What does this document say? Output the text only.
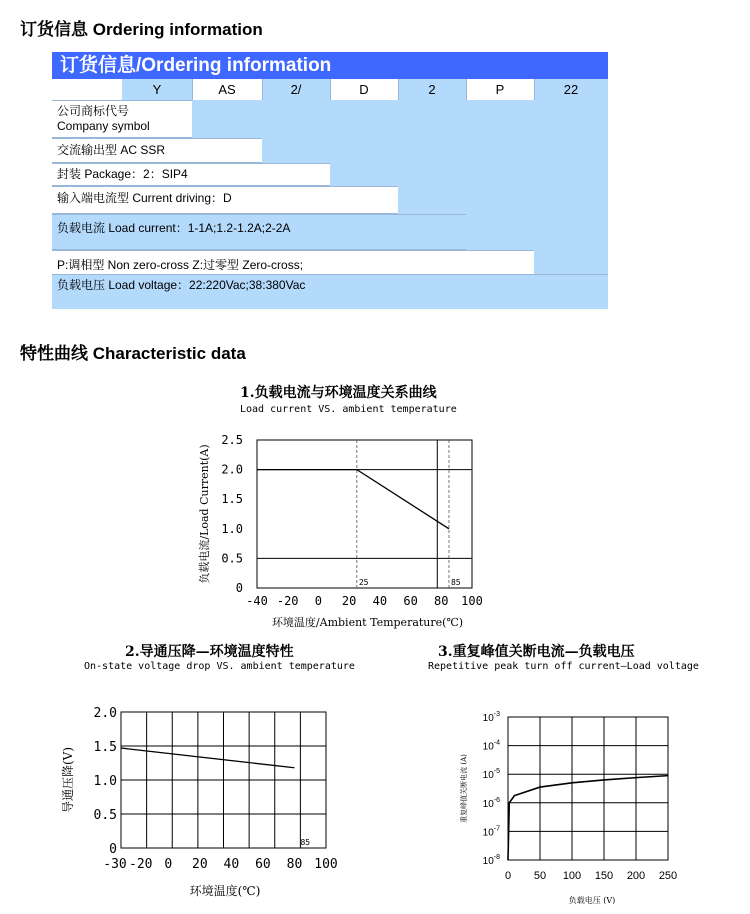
订货信息 Ordering information
订货信息/Ordering information
Y	AS	2/	D	2	P	22
公司商标代号
Company symbol
交流输出型 AC SSR
封装 Package：2：SIP4
输入端电流型 Current driving：D
负载电流 Load current：1-1A;1.2-1.2A;2-2A
P:调相型 Non zero-cross Z:过零型 Zero-cross;
负载电压 Load voltage：22:220Vac;38:380Vac
特性曲线 Characteristic data
1.负载电流与环境温度关系曲线
Load current VS. ambient temperature
25	85
0
0.5
1.0
1.5
2.0
2.5
-40 -20 0 20 40 60 80 100
环境温度/Ambient Temperature(℃)
负载电流/Load Current(A)
2.导通压降—环境温度特性
On-state voltage drop VS. ambient temperature
85
0
0.5
1.0
1.5
2.0
-30 -20 0 20 40 60 80 100
环境温度(℃)
导通压降(V)
3.重复峰值关断电流—负载电压
Repetitive peak turn off current—Load voltage
$10^{-3}$
$10^{-4}$
$10^{-5}$
$10^{-6}$
$10^{-7}$
$10^{-8}$
0 50 100 150 200 250
负载电压 (V)
重复峰值关断电流 (A)
